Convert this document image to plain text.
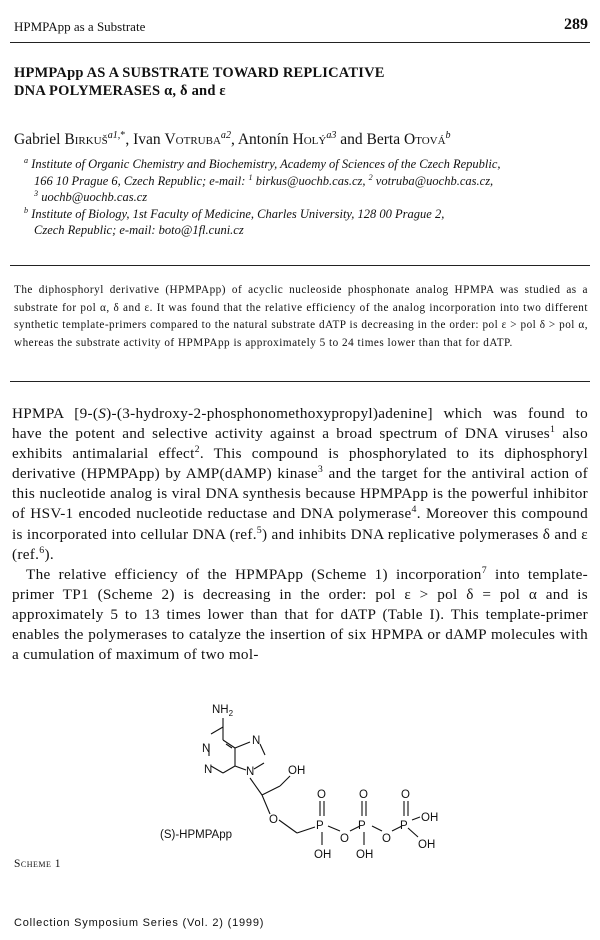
HPMPApp as a Substrate	289
HPMPApp AS A SUBSTRATE TOWARD REPLICATIVE
DNA POLYMERASES α, δ and ε
Gabriel Birkuš$^{a1,*}$, Ivan Votruba$^{a2}$, Antonín Holý$^{a3}$ and Berta Otová$^b$
$^a$ Institute of Organic Chemistry and Biochemistry, Academy of Sciences of the Czech Republic,
166 10 Prague 6, Czech Republic; e-mail: $^1$ birkus@uochb.cas.cz, $^2$ votruba@uochb.cas.cz,
$^3$ uochb@uochb.cas.cz
$^b$ Institute of Biology, 1st Faculty of Medicine, Charles University, 128 00 Prague 2,
Czech Republic; e-mail: boto@1fl.cuni.cz
The diphosphoryl derivative (HPMPApp) of acyclic nucleoside phosphonate analog HPMPA was studied as a substrate for pol α, δ and ε. It was found that the relative efficiency of the analog incorporation into two different synthetic template-primers compared to the natural substrate dATP is decreasing in the order: pol ε > pol δ > pol α, whereas the substrate activity of HPMPApp is approximately 5 to 24 times lower than that for dATP.

HPMPA [9-(S)-(3-hydroxy-2-phosphonomethoxypropyl)adenine] which was found to have the potent and selective activity against a broad spectrum of DNA viruses$^1$ also exhibits antimalarial effect$^2$. This compound is phosphorylated to its diphosphoryl derivative (HPMPApp) by AMP(dAMP) kinase$^3$ and the target for the antiviral action of this nucleotide analog is viral DNA synthesis because HPMPApp is the powerful inhibitor of HSV-1 encoded nucleotide reductase and DNA polymerase$^4$. Moreover this compound is incorporated into cellular DNA (ref.$^5$) and inhibits DNA replicative polymerases δ and ε (ref.$^6$).

The relative efficiency of the HPMPApp (Scheme 1) incorporation$^7$ into template-primer TP1 (Scheme 2) is decreasing in the order: pol ε > pol δ = pol α and is approximately 5 to 13 times lower than that for dATP (Table I). This template-primer enables the polymerases to catalyze the insertion of six HPMPA or dAMP molecules with a cumulation of maximum of two mol-

$NH_2$
N
N
N
N	OH
O	P	P	P
O	O	O
O	O
OH OH
OH
OH
(S)-HPMPApp
Scheme 1
Collection Symposium Series (Vol. 2) (1999)
